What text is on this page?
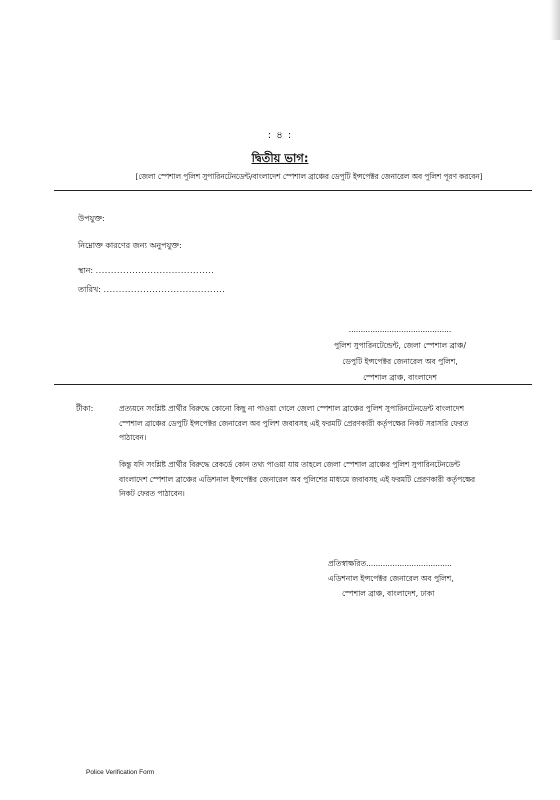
: ৪ :
দ্বিতীয় ভাগ:
[জেলা স্পেশাল পুলিশ সুপারিনটেনডেন্ট/বাংলাদেশ স্পেশাল ব্রাঞ্চের ডেপুটি ইন্সপেক্টর জেনারেল অব পুলিশ পূরণ করবেন]
উপযুক্ত:
নিম্নোক্ত কারণের জন্য অনুপযুক্ত:
স্থান: .......................................
তারিখ: ........................................
...........................................
পুলিশ সুপারিনটেন্ডেন্ট, জেলা স্পেশাল ব্রাঞ্চ/
ডেপুটি ইন্সপেক্টর জেনারেল অব পুলিশ,
স্পেশাল ব্রাঞ্চ, বাংলাদেশ
টীকা:	প্রত্যয়নে সংশ্লিষ্ট প্রার্থীর বিরুদ্ধে কোনো কিছু না পাওয়া গেলে জেলা স্পেশাল ব্রাঞ্চের পুলিশ সুপারিনটেনডেন্ট বাংলাদেশ স্পেশাল ব্রাঞ্চের ডেপুটি ইন্সপেক্টর জেনারেল অব পুলিশ জবাবসহ এই ফরমটি প্রেরণকারী কর্তৃপক্ষের নিকট সরাসরি ফেরত পাঠাবেন।
কিন্তু যদি সংশ্লিষ্ট প্রার্থীর বিরুদ্ধে রেকর্ডে কোন তথ্য পাওয়া যায় তাহলে জেলা স্পেশাল ব্রাঞ্চের পুলিশ সুপারিনটেনডেন্ট বাংলাদেশ স্পেশাল ব্রাঞ্চের এডিশনাল ইন্সপেক্টর জেনারেল অব পুলিশের মাধ্যমে জবাবসহ এই ফরমটি প্রেরণকারী কর্তৃপক্ষের নিকট ফেরত পাঠাবেন।
প্রতিস্বাক্ষরিত....................................
এডিশনাল ইন্সপেক্টর জেনারেল অব পুলিশ,
স্পেশাল ব্রাঞ্চ, বাংলাদেশ, ঢাকা
Police Verification Form
